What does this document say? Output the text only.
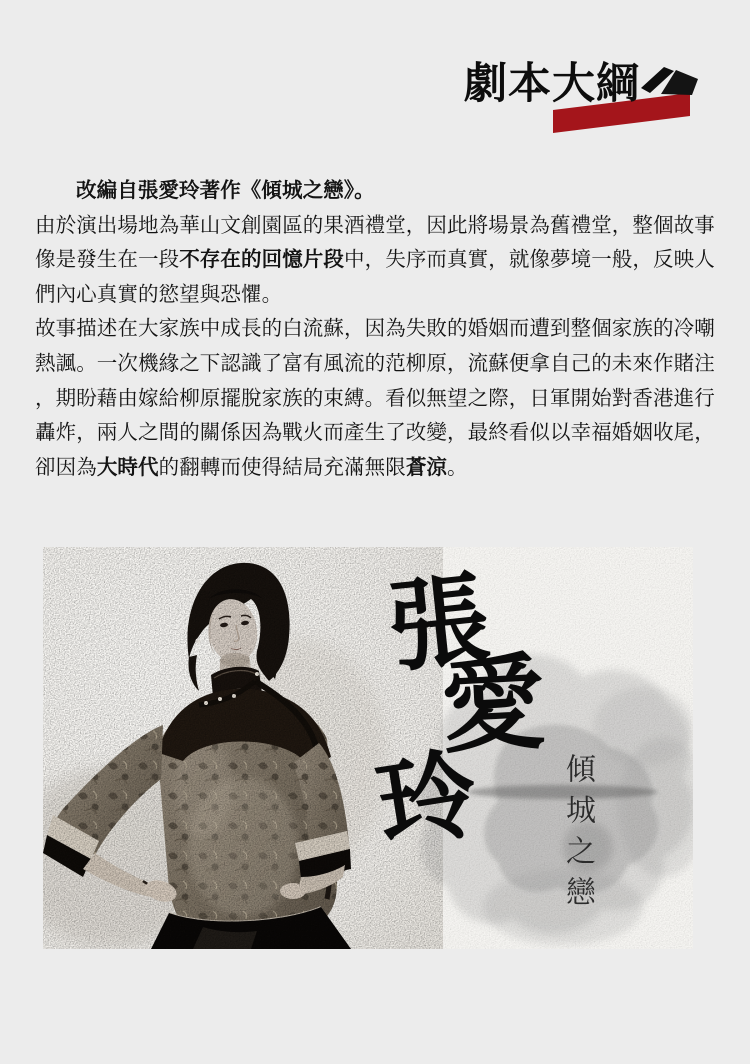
劇本大綱
改編自張愛玲著作《傾城之戀》。
由於演出場地為華山文創園區的果酒禮堂，因此將場景為舊禮堂，整個故事
像是發生在一段不存在的回憶片段中，失序而真實，就像夢境一般，反映人
們內心真實的慾望與恐懼。
故事描述在大家族中成長的白流蘇，因為失敗的婚姻而遭到整個家族的冷嘲
熱諷。一次機緣之下認識了富有風流的范柳原，流蘇便拿自己的未來作賭注
，期盼藉由嫁給柳原擺脫家族的束縛。看似無望之際，日軍開始對香港進行
轟炸，兩人之間的關係因為戰火而產生了改變，最終看似以幸福婚姻收尾，
卻因為大時代的翻轉而使得結局充滿無限蒼涼。
張
愛
玲	傾城之戀
